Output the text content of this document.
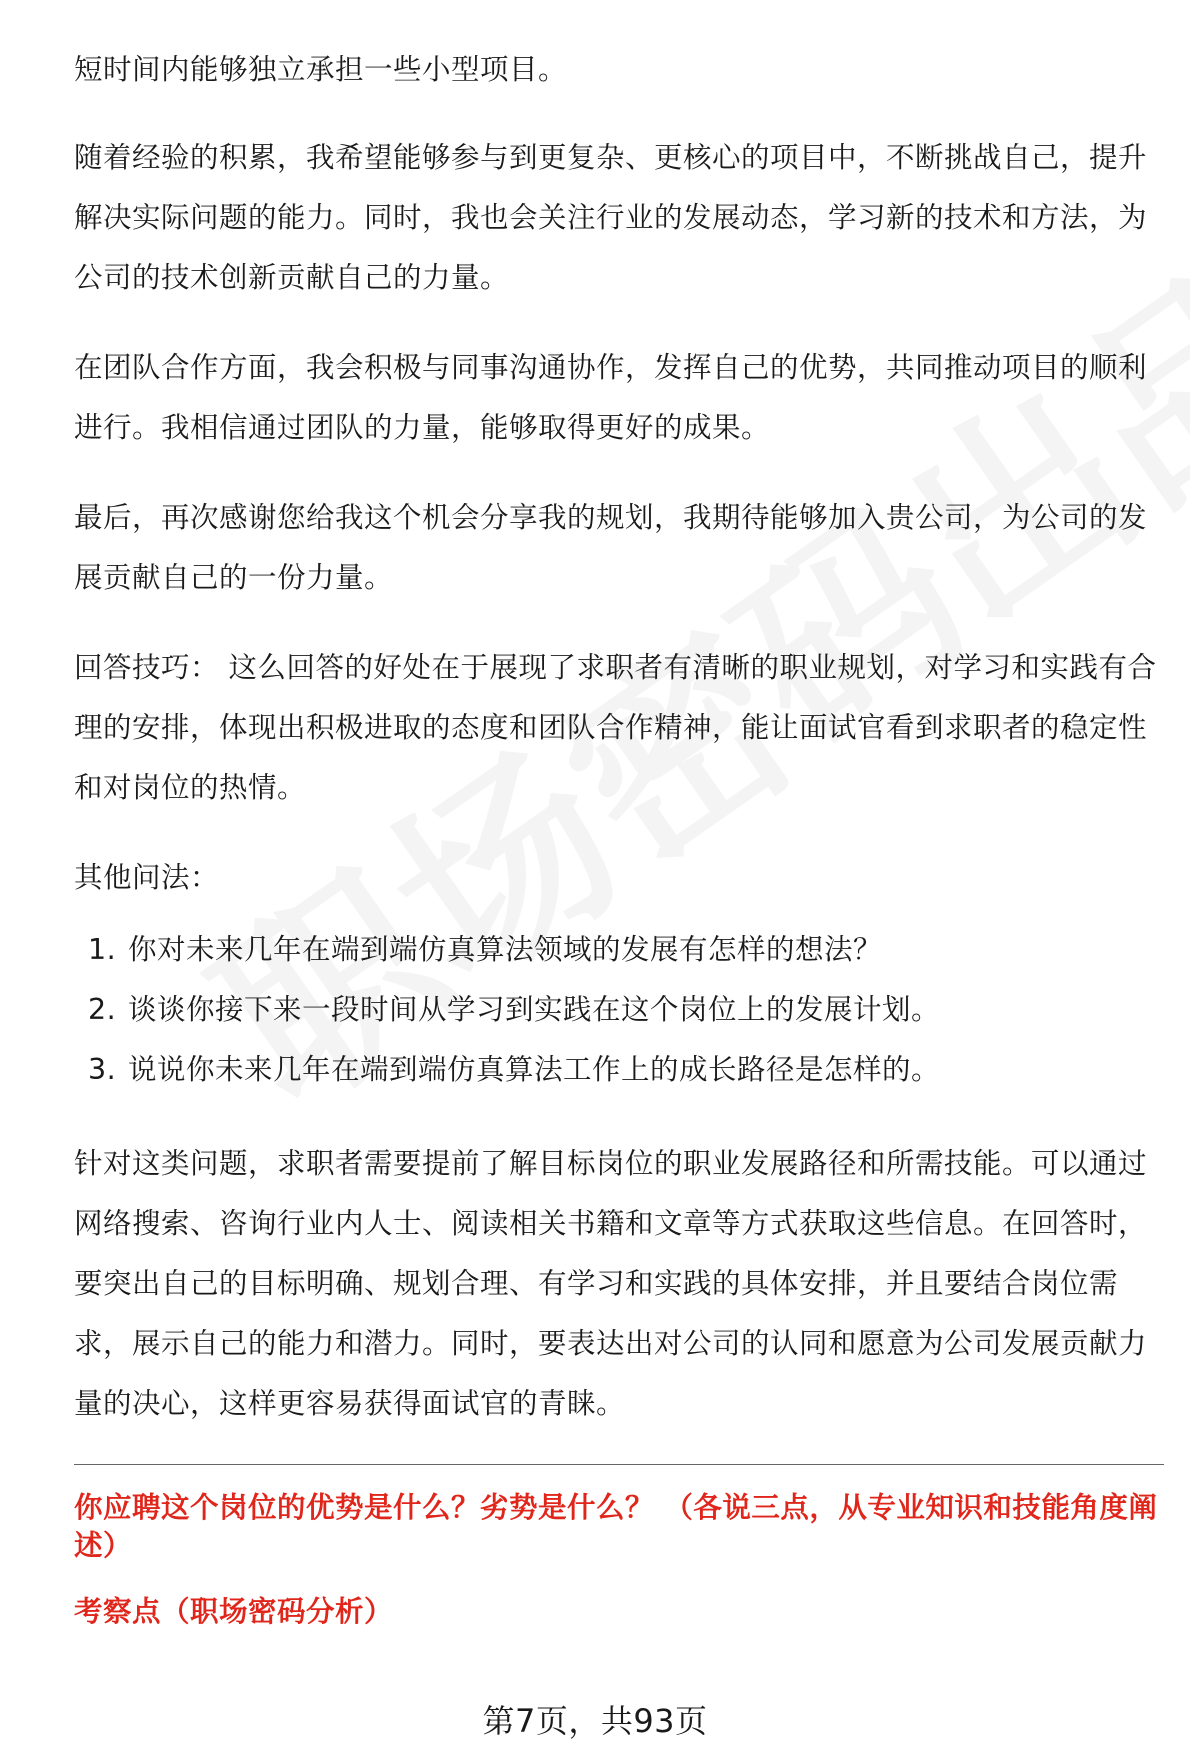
短时间内能够独立承担一些小型项目。

随着经验的积累，我希望能够参与到更复杂、更核心的项目中，不断挑战自己，提升解决实际问题的能力。同时，我也会关注行业的发展动态，学习新的技术和方法，为公司的技术创新贡献自己的力量。

在团队合作方面，我会积极与同事沟通协作，发挥自己的优势，共同推动项目的顺利进行。我相信通过团队的力量，能够取得更好的成果。

最后，再次感谢您给我这个机会分享我的规划，我期待能够加入贵公司，为公司的发展贡献自己的一份力量。

回答技巧： 这么回答的好处在于展现了求职者有清晰的职业规划，对学习和实践有合理的安排，体现出积极进取的态度和团队合作精神，能让面试官看到求职者的稳定性和对岗位的热情。

其他问法：

1. 你对未来几年在端到端仿真算法领域的发展有怎样的想法？
2. 谈谈你接下来一段时间从学习到实践在这个岗位上的发展计划。
3. 说说你未来几年在端到端仿真算法工作上的成长路径是怎样的。

针对这类问题，求职者需要提前了解目标岗位的职业发展路径和所需技能。可以通过网络搜索、咨询行业内人士、阅读相关书籍和文章等方式获取这些信息。在回答时，要突出自己的目标明确、规划合理、有学习和实践的具体安排，并且要结合岗位需求，展示自己的能力和潜力。同时，要表达出对公司的认同和愿意为公司发展贡献力量的决心，这样更容易获得面试官的青睐。

你应聘这个岗位的优势是什么？劣势是什么？ （各说三点，从专业知识和技能角度阐述）

考察点（职场密码分析）

第7页，共93页
